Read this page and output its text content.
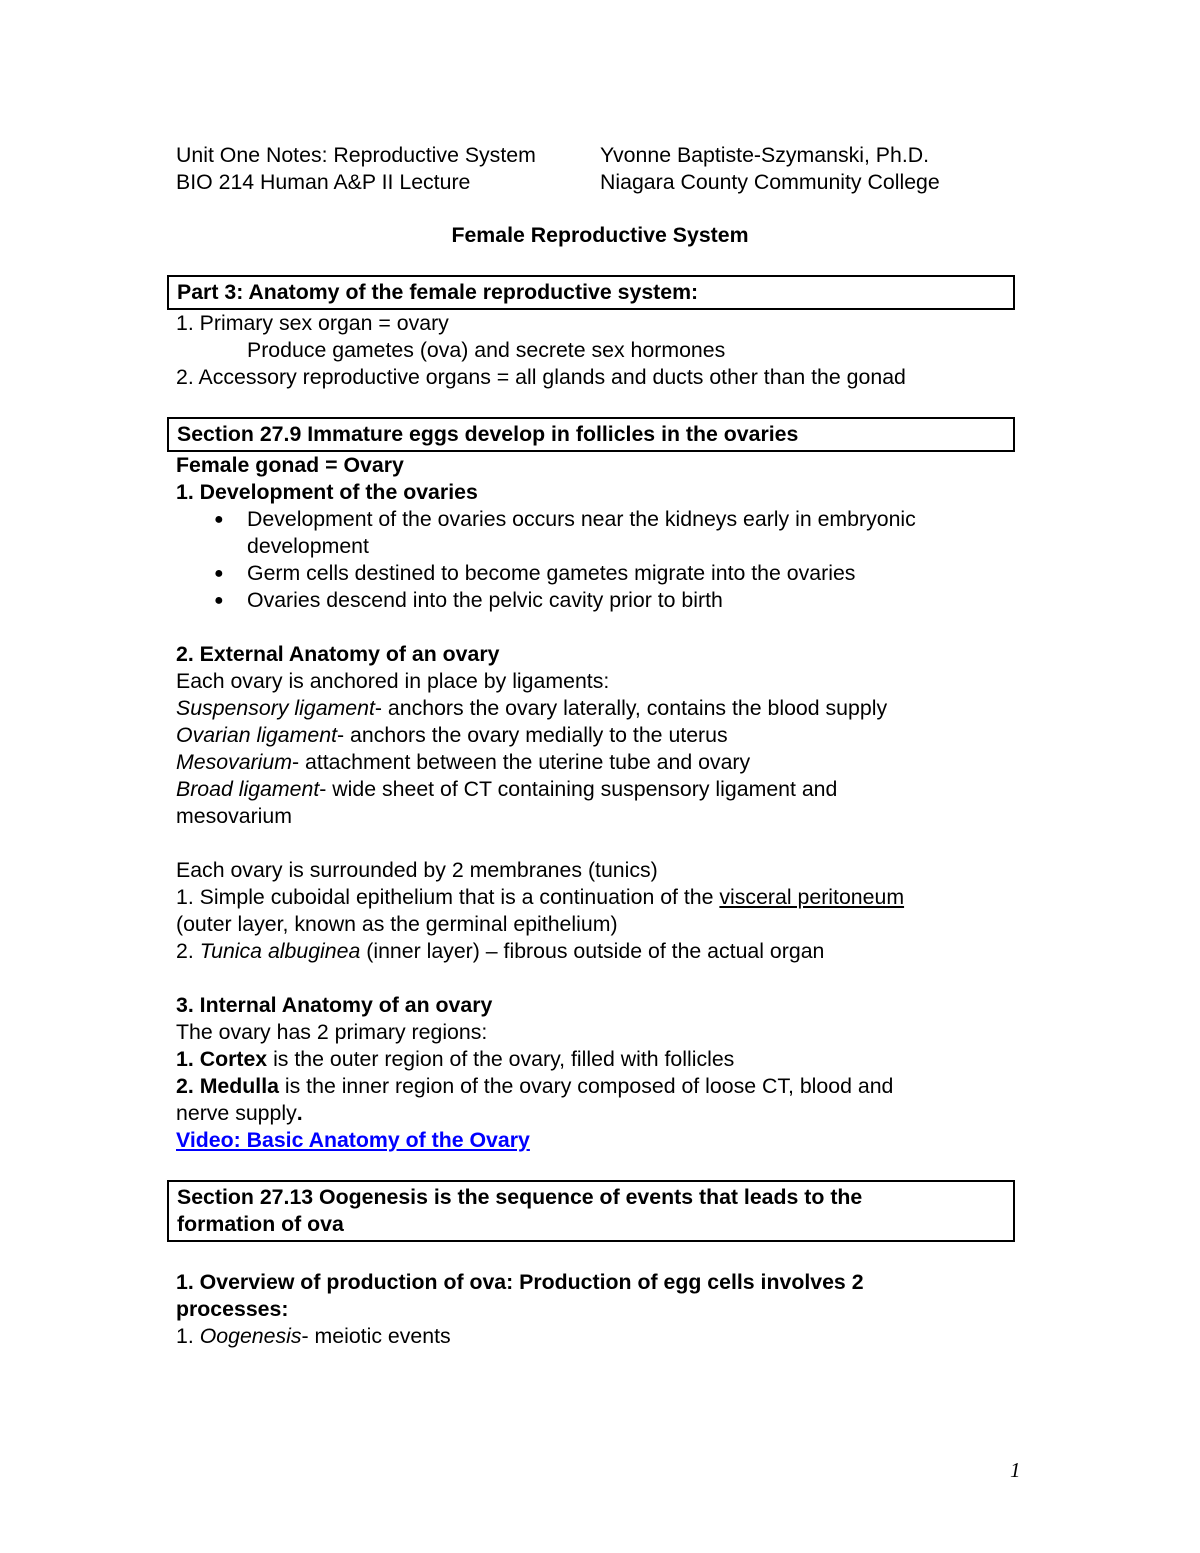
Unit One Notes: Reproductive System	Yvonne Baptiste-Szymanski, Ph.D.
BIO 214 Human A&P II Lecture	Niagara County Community College
Female Reproductive System
Part 3: Anatomy of the female reproductive system:
1. Primary sex organ = ovary
Produce gametes (ova) and secrete sex hormones
2. Accessory reproductive organs = all glands and ducts other than the gonad
Section 27.9 Immature eggs develop in follicles in the ovaries
Female gonad = Ovary
1. Development of the ovaries
● Development of the ovaries occurs near the kidneys early in embryonic
development
● Germ cells destined to become gametes migrate into the ovaries
● Ovaries descend into the pelvic cavity prior to birth
2. External Anatomy of an ovary
Each ovary is anchored in place by ligaments:
Suspensory ligament- anchors the ovary laterally, contains the blood supply
Ovarian ligament- anchors the ovary medially to the uterus
Mesovarium- attachment between the uterine tube and ovary
Broad ligament- wide sheet of CT containing suspensory ligament and
mesovarium
Each ovary is surrounded by 2 membranes (tunics)
1. Simple cuboidal epithelium that is a continuation of the visceral peritoneum
(outer layer, known as the germinal epithelium)
2. Tunica albuginea (inner layer) – fibrous outside of the actual organ
3. Internal Anatomy of an ovary
The ovary has 2 primary regions:
1. Cortex is the outer region of the ovary, filled with follicles
2. Medulla is the inner region of the ovary composed of loose CT, blood and
nerve supply.
Video: Basic Anatomy of the Ovary
Section 27.13 Oogenesis is the sequence of events that leads to the
formation of ova
1. Overview of production of ova: Production of egg cells involves 2
processes:
1. Oogenesis- meiotic events
1
